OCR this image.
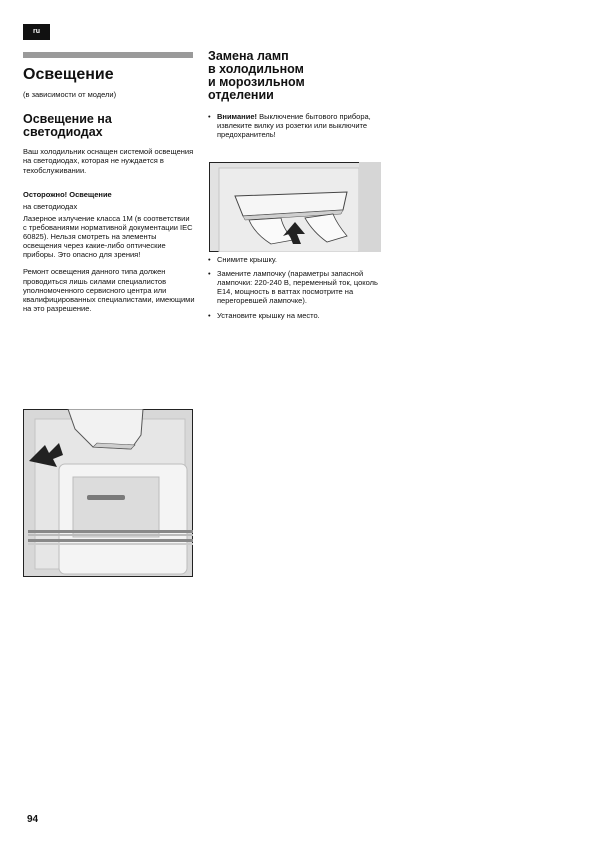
ru
Освещение
(в зависимости от модели)
Освещение на
светодиодах

Ваш холодильник оснащен системой освещения на светодиодах, которая не нуждается в техобслуживании.

Осторожно! Освещение
на светодиодах

Лазерное излучение класса 1M (в соответствии с требованиями нормативной документации IEC 60825). Нельзя смотреть на элементы освещения через какие-либо оптические приборы. Это опасно для зрения!

Ремонт освещения данного типа должен проводиться лишь силами специалистов уполномоченного сервисного центра или квалифицированных специалистами, имеющими на это разрешение.

Замена ламп
в холодильном
и морозильном
отделении
• Внимание! Выключение бытового прибора, извлеките вилку из розетки или выключите предохранитель!
• Снимите крышку.
• Замените лампочку (параметры запасной лампочки: 220-240 В, переменный ток, цоколь E14, мощность в ваттах посмотрите на перегоревшей лампочке).
• Установите крышку на место.
94
